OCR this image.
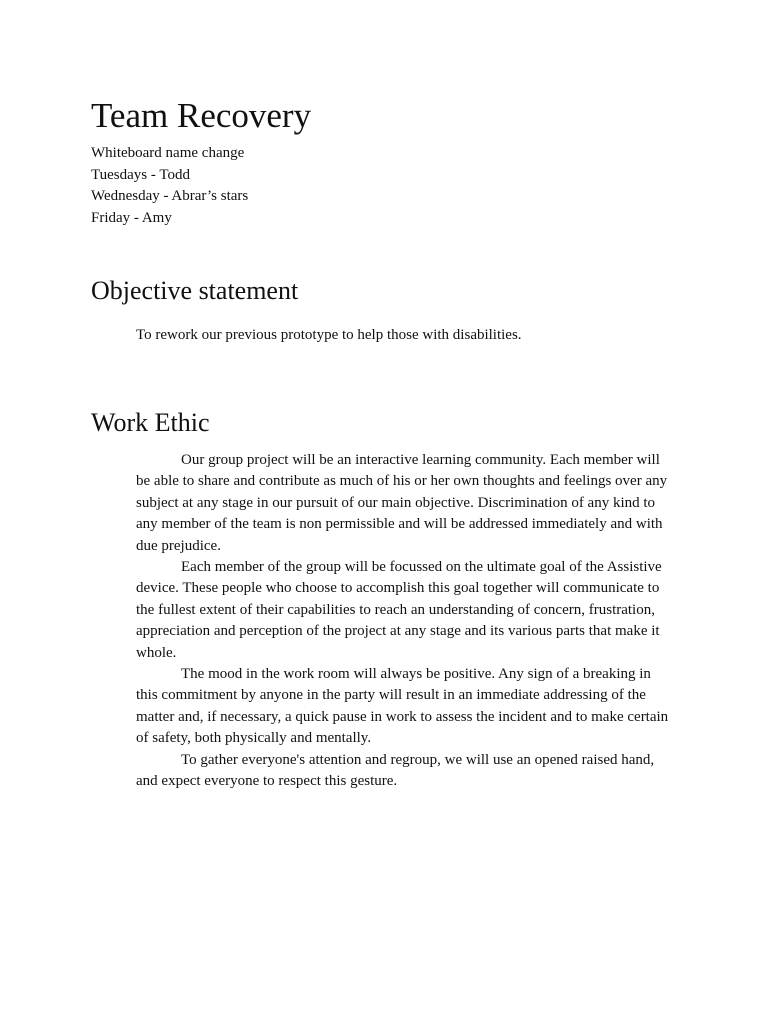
Team Recovery
Whiteboard name change
Tuesdays - Todd
Wednesday - Abrar’s stars
Friday - Amy
Objective statement
To rework our previous prototype to help those with disabilities.
Work Ethic

Our group project will be an interactive learning community. Each member will be able to share and contribute as much of his or her own thoughts and feelings over any subject at any stage in our pursuit of our main objective. Discrimination of any kind to any member of the team is non permissible and will be addressed immediately and with due prejudice.

Each member of the group will be focussed on the ultimate goal of the Assistive device. These people who choose to accomplish this goal together will communicate to the fullest extent of their capabilities to reach an understanding of concern, frustration, appreciation and perception of the project at any stage and its various parts that make it whole.

The mood in the work room will always be positive. Any sign of a breaking in this commitment by anyone in the party will result in an immediate addressing of the matter and, if necessary, a quick pause in work to assess the incident and to make certain of safety, both physically and mentally.

To gather everyone's attention and regroup, we will use an opened raised hand, and expect everyone to respect this gesture.
